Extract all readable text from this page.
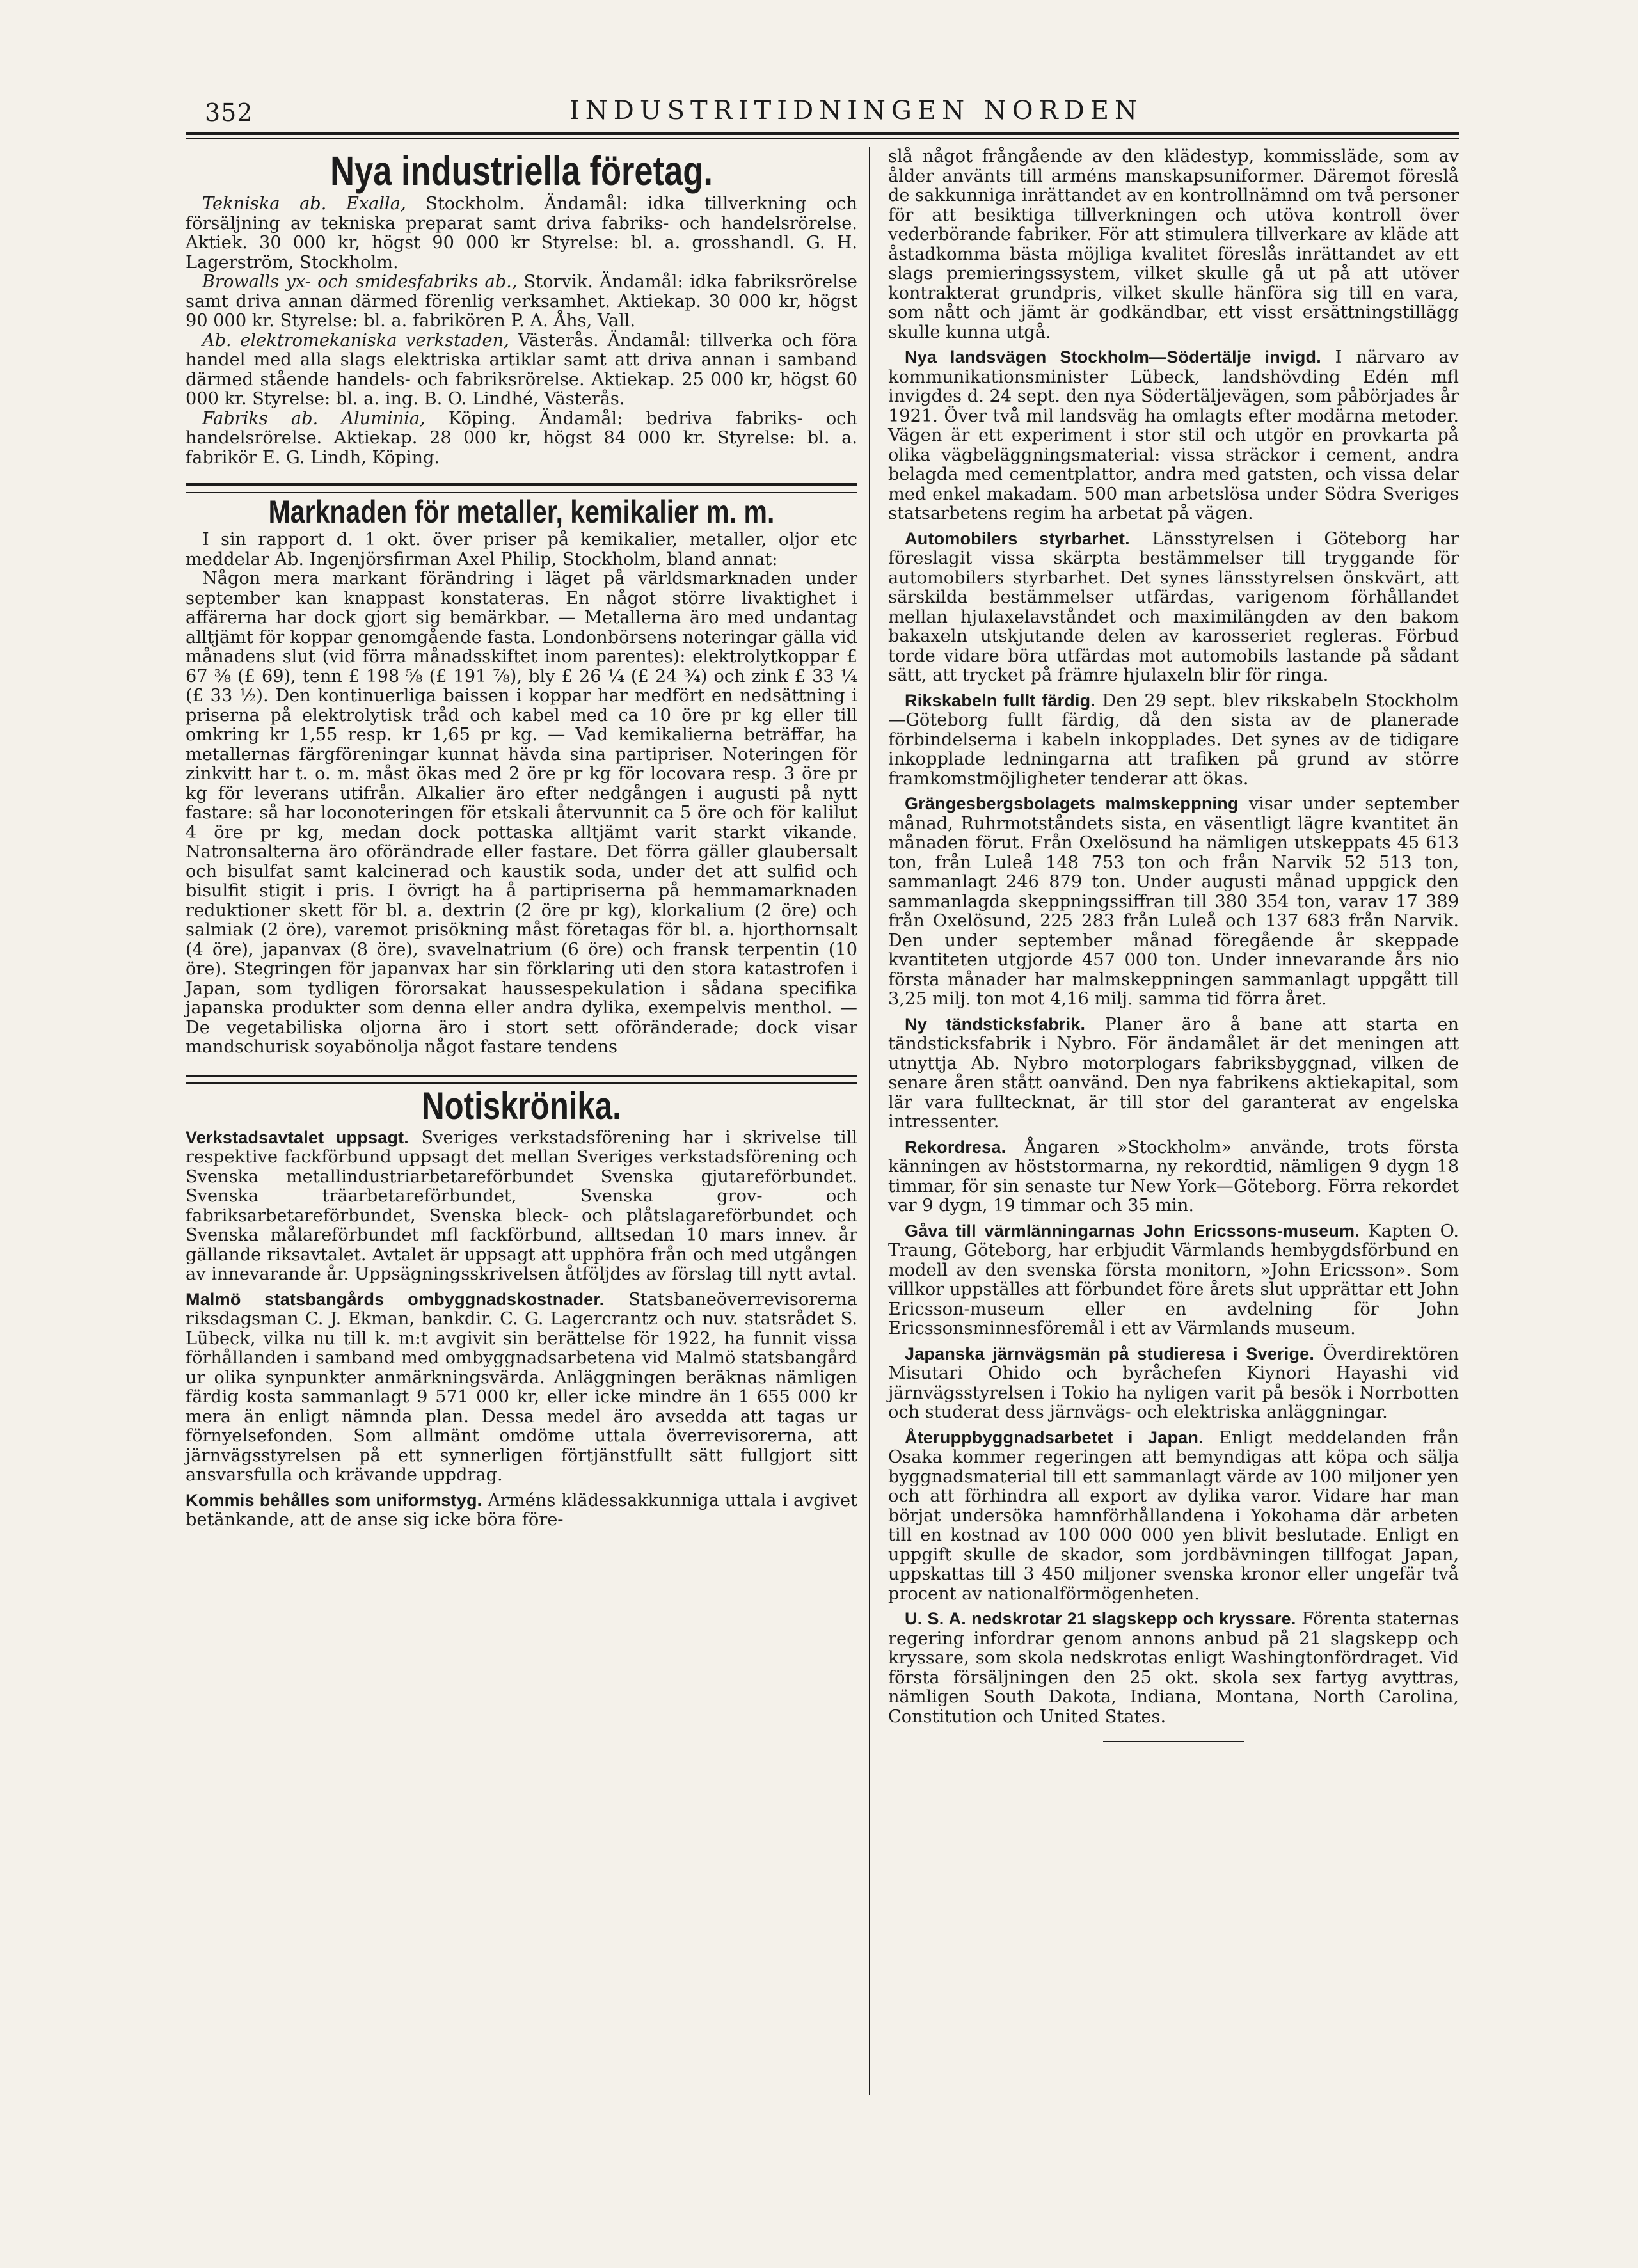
352	INDUSTRITIDNINGEN NORDEN
Nya industriella företag.

Tekniska ab. Exalla, Stockholm. Ändamål: idka tillverkning och försäljning av tekniska preparat samt driva fabriks- och handelsrörelse. Aktiek. 30 000 kr, högst 90 000 kr Styrelse: bl. a. grosshandl. G. H. Lagerström, Stockholm.

Browalls yx- och smidesfabriks ab., Storvik. Ändamål: idka fabriksrörelse samt driva annan därmed förenlig verksamhet. Aktiekap. 30 000 kr, högst 90 000 kr. Styrelse: bl. a. fabrikören P. A. Åhs, Vall.

Ab. elektromekaniska verkstaden, Västerås. Ändamål: tillverka och föra handel med alla slags elektriska artiklar samt att driva annan i samband därmed stående handels- och fabriksrörelse. Aktiekap. 25 000 kr, högst 60 000 kr. Styrelse: bl. a. ing. B. O. Lindhé, Västerås.

Fabriks ab. Aluminia, Köping. Ändamål: bedriva fabriks- och handelsrörelse. Aktiekap. 28 000 kr, högst 84 000 kr. Styrelse: bl. a. fabrikör E. G. Lindh, Köping.

Marknaden för metaller, kemikalier m. m.

I sin rapport d. 1 okt. över priser på kemikalier, metaller, oljor etc meddelar Ab. Ingenjörsfirman Axel Philip, Stockholm, bland annat:

Någon mera markant förändring i läget på världsmarknaden under september kan knappast konstateras. En något större livaktighet i affärerna har dock gjort sig bemärkbar. — Metallerna äro med undantag alltjämt för koppar genomgående fasta. Londonbörsens noteringar gälla vid månadens slut (vid förra månadsskiftet inom parentes): elektrolytkoppar £ 67 ⅜ (£ 69), tenn £ 198 ⅝ (£ 191 ⅞), bly £ 26 ¼ (£ 24 ¾) och zink £ 33 ¼ (£ 33 ½). Den kontinuerliga baissen i koppar har medfört en nedsättning i priserna på elektrolytisk tråd och kabel med ca 10 öre pr kg eller till omkring kr 1,55 resp. kr 1,65 pr kg. — Vad kemikalierna beträffar, ha metallernas färgföreningar kunnat hävda sina partipriser. Noteringen för zinkvitt har t. o. m. måst ökas med 2 öre pr kg för locovara resp. 3 öre pr kg för leverans utifrån. Alkalier äro efter nedgången i augusti på nytt fastare: så har loconoteringen för etskali återvunnit ca 5 öre och för kalilut 4 öre pr kg, medan dock pottaska alltjämt varit starkt vikande. Natronsalterna äro oförändrade eller fastare. Det förra gäller glaubersalt och bisulfat samt kalcinerad och kaustik soda, under det att sulfid och bisulfit stigit i pris. I övrigt ha å partipriserna på hemmamarknaden reduktioner skett för bl. a. dextrin (2 öre pr kg), klorkalium (2 öre) och salmiak (2 öre), varemot prisökning måst företagas för bl. a. hjorthornsalt (4 öre), japanvax (8 öre), svavelnatrium (6 öre) och fransk terpentin (10 öre). Stegringen för japanvax har sin förklaring uti den stora katastrofen i Japan, som tydligen förorsakat haussespekulation i sådana specifika japanska produkter som denna eller andra dylika, exempelvis menthol. — De vegetabiliska oljorna äro i stort sett oföränderade; dock visar mandschurisk soyabönolja något fastare tendens

Notiskrönika.

Verkstadsavtalet uppsagt. Sveriges verkstadsförening har i skrivelse till respektive fackförbund uppsagt det mellan Sveriges verkstadsförening och Svenska metallindustriarbetareförbundet Svenska gjutareförbundet. Svenska träarbetareförbundet, Svenska grov- och fabriksarbetareförbundet, Svenska bleck- och plåtslagareförbundet och Svenska målareförbundet mfl fackförbund, alltsedan 10 mars innev. år gällande riksavtalet. Avtalet är uppsagt att upphöra från och med utgången av innevarande år. Uppsägningsskrivelsen åtföljdes av förslag till nytt avtal.

Malmö statsbangårds ombyggnadskostnader. Statsbaneöverrevisorerna riksdagsman C. J. Ekman, bankdir. C. G. Lagercrantz och nuv. statsrådet S. Lübeck, vilka nu till k. m:t avgivit sin berättelse för 1922, ha funnit vissa förhållanden i samband med ombyggnadsarbetena vid Malmö statsbangård ur olika synpunkter anmärkningsvärda. Anläggningen beräknas nämligen färdig kosta sammanlagt 9 571 000 kr, eller icke mindre än 1 655 000 kr mera än enligt nämnda plan. Dessa medel äro avsedda att tagas ur förnyelsefonden. Som allmänt omdöme uttala överrevisorerna, att järnvägsstyrelsen på ett synnerligen förtjänstfullt sätt fullgjort sitt ansvarsfulla och krävande uppdrag.

Kommis behålles som uniformstyg. Arméns klädessakkunniga uttala i avgivet betänkande, att de anse sig icke böra före-

slå något frångående av den klädestyp, kommissläde, som av ålder använts till arméns manskapsuniformer. Däremot föreslå de sakkunniga inrättandet av en kontrollnämnd om två personer för att besiktiga tillverkningen och utöva kontroll över vederbörande fabriker. För att stimulera tillverkare av kläde att åstadkomma bästa möjliga kvalitet föreslås inrättandet av ett slags premieringssystem, vilket skulle gå ut på att utöver kontrakterat grundpris, vilket skulle hänföra sig till en vara, som nått och jämt är godkändbar, ett visst ersättningstillägg skulle kunna utgå.

Nya landsvägen Stockholm—Södertälje invigd. I närvaro av kommunikationsminister Lübeck, landshövding Edén mfl invigdes d. 24 sept. den nya Södertäljevägen, som påbörjades år 1921. Över två mil landsväg ha omlagts efter modärna metoder. Vägen är ett experiment i stor stil och utgör en provkarta på olika vägbeläggningsmaterial: vissa sträckor i cement, andra belagda med cementplattor, andra med gatsten, och vissa delar med enkel makadam. 500 man arbetslösa under Södra Sveriges statsarbetens regim ha arbetat på vägen.

Automobilers styrbarhet. Länsstyrelsen i Göteborg har föreslagit vissa skärpta bestämmelser till tryggande för automobilers styrbarhet. Det synes länsstyrelsen önskvärt, att särskilda bestämmelser utfärdas, varigenom förhållandet mellan hjulaxelavståndet och maximilängden av den bakom bakaxeln utskjutande delen av karosseriet regleras. Förbud torde vidare böra utfärdas mot automobils lastande på sådant sätt, att trycket på främre hjulaxeln blir för ringa.

Rikskabeln fullt färdig. Den 29 sept. blev rikskabeln Stockholm—Göteborg fullt färdig, då den sista av de planerade förbindelserna i kabeln inkopplades. Det synes av de tidigare inkopplade ledningarna att trafiken på grund av större framkomstmöjligheter tenderar att ökas.

Grängesbergsbolagets malmskeppning visar under september månad, Ruhrmotståndets sista, en väsentligt lägre kvantitet än månaden förut. Från Oxelösund ha nämligen utskeppats 45 613 ton, från Luleå 148 753 ton och från Narvik 52 513 ton, sammanlagt 246 879 ton. Under augusti månad uppgick den sammanlagda skeppningssiffran till 380 354 ton, varav 17 389 från Oxelösund, 225 283 från Luleå och 137 683 från Narvik. Den under september månad föregående år skeppade kvantiteten utgjorde 457 000 ton. Under innevarande års nio första månader har malmskeppningen sammanlagt uppgått till 3,25 milj. ton mot 4,16 milj. samma tid förra året.

Ny tändsticksfabrik. Planer äro å bane att starta en tändsticksfabrik i Nybro. För ändamålet är det meningen att utnyttja Ab. Nybro motorplogars fabriksbyggnad, vilken de senare åren stått oanvänd. Den nya fabrikens aktiekapital, som lär vara fulltecknat, är till stor del garanterat av engelska intressenter.

Rekordresa. Ångaren »Stockholm» använde, trots första känningen av höststormarna, ny rekordtid, nämligen 9 dygn 18 timmar, för sin senaste tur New York—Göteborg. Förra rekordet var 9 dygn, 19 timmar och 35 min.

Gåva till värmlänningarnas John Ericssons-museum. Kapten O. Traung, Göteborg, har erbjudit Värmlands hembygdsförbund en modell av den svenska första monitorn, »John Ericsson». Som villkor uppställes att förbundet före årets slut upprättar ett John Ericsson-museum eller en avdelning för John Ericssonsminnesföremål i ett av Värmlands museum.

Japanska järnvägsmän på studieresa i Sverige. Överdirektören Misutari Ohido och byråchefen Kiynori Hayashi vid järnvägsstyrelsen i Tokio ha nyligen varit på besök i Norrbotten och studerat dess järnvägs- och elektriska anläggningar.

Återuppbyggnadsarbetet i Japan. Enligt meddelanden från Osaka kommer regeringen att bemyndigas att köpa och sälja byggnadsmaterial till ett sammanlagt värde av 100 miljoner yen och att förhindra all export av dylika varor. Vidare har man börjat undersöka hamnförhållandena i Yokohama där arbeten till en kostnad av 100 000 000 yen blivit beslutade. Enligt en uppgift skulle de skador, som jordbävningen tillfogat Japan, uppskattas till 3 450 miljoner svenska kronor eller ungefär två procent av nationalförmögenheten.

U. S. A. nedskrotar 21 slagskepp och kryssare. Förenta staternas regering infordrar genom annons anbud på 21 slagskepp och kryssare, som skola nedskrotas enligt Washingtonfördraget. Vid första försäljningen den 25 okt. skola sex fartyg avyttras, nämligen South Dakota, Indiana, Montana, North Carolina, Constitution och United States.
